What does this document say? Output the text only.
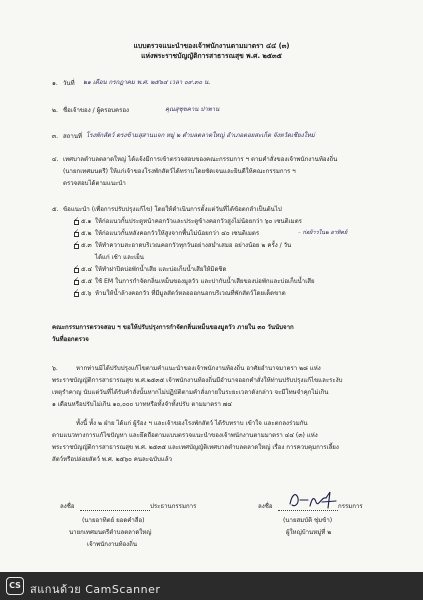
แบบตรวจแนะนำของเจ้าพนักงานตามมาตรา ๔๔ (๓)
แห่งพระราชบัญญัติการสาธารณสุข พ.ศ. ๒๕๓๕
๑. วันที่ ๒๑ เดือน กรกฎาคม พ.ศ. ๒๕๖๔ เวลา ๐๙.๓๐ น.
๒. ชื่อเจ้าของ / ผู้ครอบครอง	คุณสุชุขคาน ปาพาน
๓. สถานที่ โรงพักสัตว์ ตรงข้ามสุสานแจก หมู่ ๒ ตำบลตลาดใหญ่ อำเภอดอยสะเก็ด จังหวัดเชียงใหม่
๔. เทศบาลตำบลตลาดใหญ่ ได้แจ้งมีการเข้าตรวจสอบของคณะกรรมการ ฯ ตามคำสั่งของเจ้าพนักงานท้องถิ่น
(นายกเทศมนตรี) ให้แก่เจ้าของโรงพักสัตว์ได้ทราบโดยชัดเจนและยินดีให้คณะกรรมการ ฯ
ตรวจสอบได้ตามแนะนำ
๕. ข้อแนะนำ (เพื่อการปรับปรุงแก้ไข) โดยให้ดำเนินการตั้งแต่วันที่ได้ข้อตกลำเป็นต้นไป
✓ ๕.๑ ให้ก่อแนวกั้นประตูหน้าคอกวัวและประตูข้างคอกวัวสูงไม่น้อยกว่า ๖๐ เซนติเมตร
✓ ๕.๒ ให้ก่อแนวกั้นหลังคอกวัวให้สูงจากพื้นไม่น้อยกว่า ๔๐ เซนติเมตร	– ก่อผ้าวใน๒ อาทิตย์
✓ ๕.๓ ให้ทำความสะอาดบริเวณคอกวัวทุกวันอย่างสม่ำเสมอ อย่างน้อย ๒ ครั้ง / วัน
ได้แก่ เช้า และเย็น
✓ ๕.๔ ให้ทำฝาปิดบ่อพักน้ำเสีย และบ่อเก็บน้ำเสียให้มิดชิด
✓ ๕.๕ ใช้ EM ในการกำจัดกลิ่นเหม็นของมูลวัว และปากันน้ำเสียของบ่อพักและบ่อเก็บน้ำเสีย
✓ ๕.๖ ห้ามให้น้ำล้างคอกวัว ที่มีมูลสัตว์หลอออกนอกบริเวณที่พักสัตว์โดยเด็ดขาด
คณะกรรมการตรวจสอบ ฯ ขอให้ปรับปรุงการกำจัดกลิ่นเหม็นของมูลวัว ภายใน ๓๐ วันนับจาก
วันที่ออกตรวจ
๖.	หากท่านมิได้ปรับปรุงแก้ไขตามคำแนะนำของเจ้าพนักงานท้องถิ่น อาศัยอำนาจมาตรา ๒๘ แห่ง
พระราชบัญญัติการสาธารณสุข พ.ศ.๒๕๓๕ เจ้าพนักงานท้องถิ่นมีอำนาจออกคำสั่งให้ท่านปรับปรุงแก้ไขและระงับ
เหตุรำคาญ นับแต่วันที่ได้รับคำสั่งนั้นหากไม่ปฏิบัติตามคำสั่งภายในระยะเวลาดังกล่าว จะมีโทษจำคุกไม่เกิน
๑ เดือนหรือปรับไม่เกิน ๑๐,๐๐๐ บาทหรือทั้งจำทั้งปรับ ตามมาตรา ๗๔
ทั้งนี้ ทั้ง ๒ ฝ่าย ได้แก่ ผู้ร้อง ฯ และเจ้าของโรงพักสัตว์ ได้รับทราบ เข้าใจ และตกลงร่วมกัน
ตามแนวทางการแก้ไขปัญหา และยึดถือตามแบบตรวจแนะนำของเจ้าพนักงานตามมาตรา ๔๔ (๓) แห่ง
พระราชบัญญัติการสาธารณสุข พ.ศ. ๒๕๓๕ และเทศบัญญัติเทศบาลตำบลตลาดใหญ่ เรื่อง การควบคุมการเลี้ยง
สัตว์หรือปล่อยสัตว์ พ.ศ. ๒๕๖๐ คนละฉบับแล้ว
ลงชื่อ	ประธานกรรมการ
(นายอาทิตย์ ยอดคำลือ)
นายกเทศมนตรีตำบลตลาดใหญ่
เจ้าพนักงานท้องถิ่น
ลงชื่อ	กรรมการ
(นายสมบัติ ชุ่มข้า)
ผู้ใหญ่บ้านหมู่ที่ ๒
CS สแกนด้วย CamScanner
